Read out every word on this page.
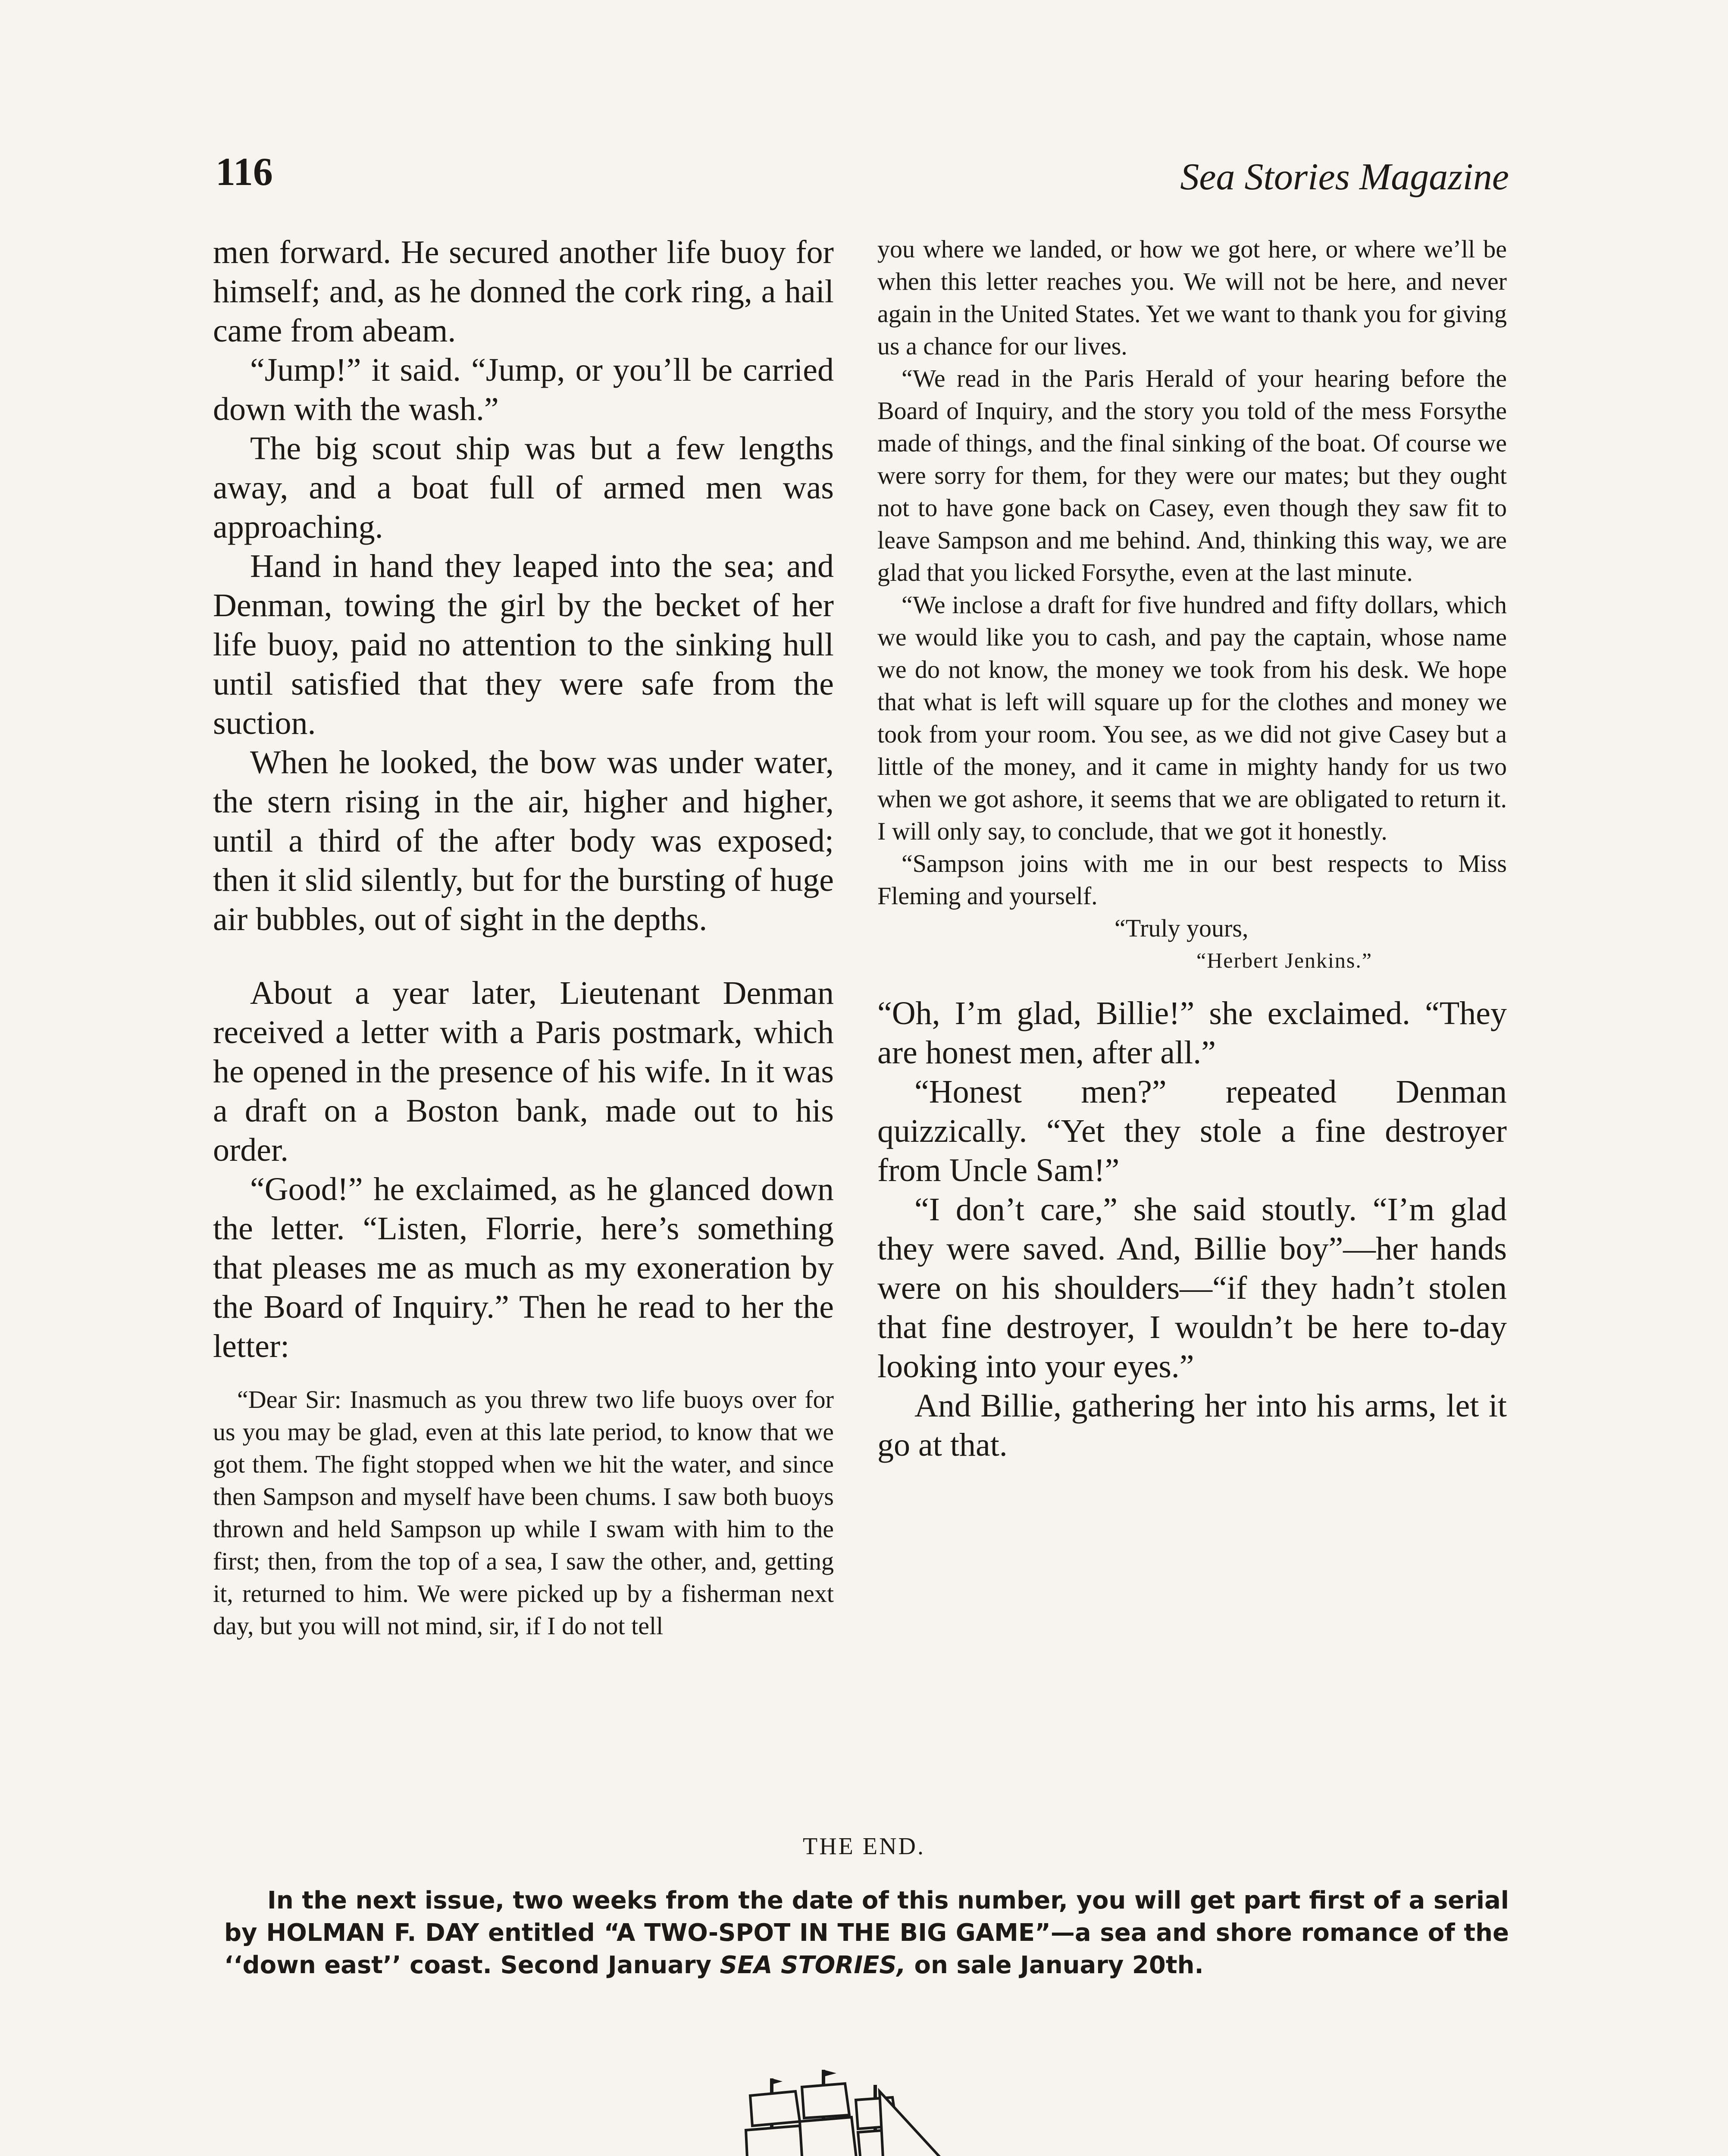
116	Sea Stories Magazine

men forward. He secured another life buoy for himself; and, as he donned the cork ring, a hail came from abeam.

“Jump!” it said. “Jump, or you’ll be carried down with the wash.”

The big scout ship was but a few lengths away, and a boat full of armed men was approaching.

Hand in hand they leaped into the sea; and Denman, towing the girl by the becket of her life buoy, paid no attention to the sinking hull until satisfied that they were safe from the suction.

When he looked, the bow was under water, the stern rising in the air, higher and higher, until a third of the after body was exposed; then it slid silently, but for the bursting of huge air bubbles, out of sight in the depths.

About a year later, Lieutenant Denman received a letter with a Paris postmark, which he opened in the presence of his wife. In it was a draft on a Boston bank, made out to his order.

“Good!” he exclaimed, as he glanced down the letter. “Listen, Florrie, here’s something that pleases me as much as my exoneration by the Board of Inquiry.” Then he read to her the letter:

“Dear Sir: Inasmuch as you threw two life buoys over for us you may be glad, even at this late period, to know that we got them. The fight stopped when we hit the water, and since then Sampson and myself have been chums. I saw both buoys thrown and held Sampson up while I swam with him to the first; then, from the top of a sea, I saw the other, and, getting it, returned to him. We were picked up by a fisherman next day, but you will not mind, sir, if I do not tell

you where we landed, or how we got here, or where we’ll be when this letter reaches you. We will not be here, and never again in the United States. Yet we want to thank you for giving us a chance for our lives.

“We read in the Paris Herald of your hearing before the Board of Inquiry, and the story you told of the mess Forsythe made of things, and the final sinking of the boat. Of course we were sorry for them, for they were our mates; but they ought not to have gone back on Casey, even though they saw fit to leave Sampson and me behind. And, thinking this way, we are glad that you licked Forsythe, even at the last minute.

“We inclose a draft for five hundred and fifty dollars, which we would like you to cash, and pay the captain, whose name we do not know, the money we took from his desk. We hope that what is left will square up for the clothes and money we took from your room. You see, as we did not give Casey but a little of the money, and it came in mighty handy for us two when we got ashore, it seems that we are obligated to return it. I will only say, to conclude, that we got it honestly.

“Sampson joins with me in our best respects to Miss Fleming and yourself.

“Truly yours,
“Herbert Jenkins.”

“Oh, I’m glad, Billie!” she exclaimed. “They are honest men, after all.”

“Honest men?” repeated Denman quizzically. “Yet they stole a fine destroyer from Uncle Sam!”

“I don’t care,” she said stoutly. “I’m glad they were saved. And, Billie boy”—her hands were on his shoulders—“if they hadn’t stolen that fine destroyer, I wouldn’t be here to-day looking into your eyes.”

And Billie, gathering her into his arms, let it go at that.

THE END.

In the next issue, two weeks from the date of this number, you will get part first of a serial by HOLMAN F. DAY entitled “A TWO-SPOT IN THE BIG GAME”—a sea and shore romance of the ‘‘down east’’ coast. Second January SEA STORIES, on sale January 20th.
